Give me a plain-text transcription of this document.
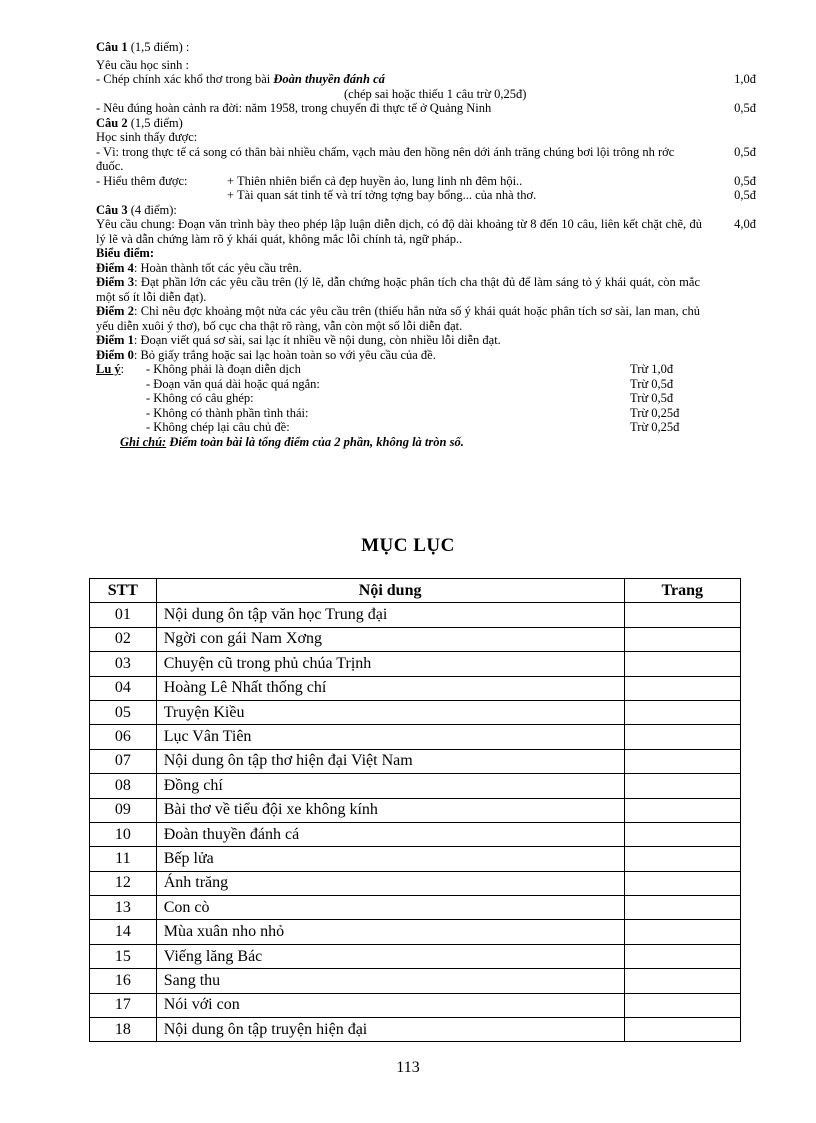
Câu 1 (1,5 điểm) :
Yêu cầu học sinh :
- Chép chính xác khổ thơ trong bài Đoàn thuyền đánh cá	1,0đ
(chép sai hoặc thiếu 1 câu trừ 0,25đ)
- Nêu đúng hoàn cảnh ra đời: năm 1958, trong chuyến đi thực tế ở Quảng Ninh	0,5đ
Câu 2 (1,5 điểm)
Học sinh thấy được:
- Vì: trong thực tế cá song có thân bài nhiều chấm, vạch màu đen hồng nên dới ánh trăng chúng bơi lội trông nh rớc đuốc.
0,5đ
- Hiểu thêm được:	+ Thiên nhiên biển cả đẹp huyền ảo, lung linh nh đêm hội..	0,5đ
+ Tài quan sát tinh tế và trí tởng tợng bay bổng... của nhà thơ.	0,5đ
Câu 3 (4 điểm):
Yêu cầu chung: Đoạn văn trình bày theo phép lập luận diễn dịch, có độ dài khoảng từ 8 đến 10 câu, liên kết chặt chẽ, đủ lý lẽ và dẫn chứng làm rõ ý khái quát, không mắc lỗi chính tả, ngữ pháp..
4,0đ
Biểu điểm:
Điểm 4: Hoàn thành tốt các yêu cầu trên.
Điểm 3: Đạt phần lớn các yêu cầu trên (lý lẽ, dẫn chứng hoặc phân tích cha thật đủ để làm sáng tỏ ý khái quát, còn mắc một số ít lỗi diễn đạt).
Điểm 2: Chỉ nêu đợc khoảng một nửa các yêu cầu trên (thiếu hẳn nửa số ý khái quát hoặc phân tích sơ sài, lan man, chủ yếu diễn xuôi ý thơ), bố cục cha thật rõ ràng, vẫn còn một số lỗi diễn đạt.
Điểm 1: Đoạn viết quá sơ sài, sai lạc ít nhiều về nội dung, còn nhiều lỗi diễn đạt.
Điểm 0: Bỏ giấy trắng hoặc sai lạc hoàn toàn so với yêu cầu của đề.
Lu ý:	- Không phải là đoạn diễn dịch	Trừ 1,0đ
- Đoạn văn quá dài hoặc quá ngắn:	Trừ 0,5đ
- Không có câu ghép:	Trừ 0,5đ
- Không có thành phần tình thái:	Trừ 0,25đ
- Không chép lại câu chủ đề:	Trừ 0,25đ
Ghi chú: Điểm toàn bài là tổng điểm của 2 phần, không là tròn số.
MỤC LỤC
STT	Nội dung	Trang
01	Nội dung ôn tập văn học Trung đại	
02	Ngời con gái Nam Xơng	
03	Chuyện cũ trong phủ chúa Trịnh	
04	Hoàng Lê Nhất thống chí	
05	Truyện Kiều	
06	Lục Vân Tiên	
07	Nội dung ôn tập thơ hiện đại Việt Nam	
08	Đồng chí	
09	Bài thơ về tiểu đội xe không kính	
10	Đoàn thuyền đánh cá	
11	Bếp lửa	
12	Ánh trăng	
13	Con cò	
14	Mùa xuân nho nhỏ	
15	Viếng lăng Bác	
16	Sang thu	
17	Nói với con	
18	Nội dung ôn tập truyện hiện đại	
113
